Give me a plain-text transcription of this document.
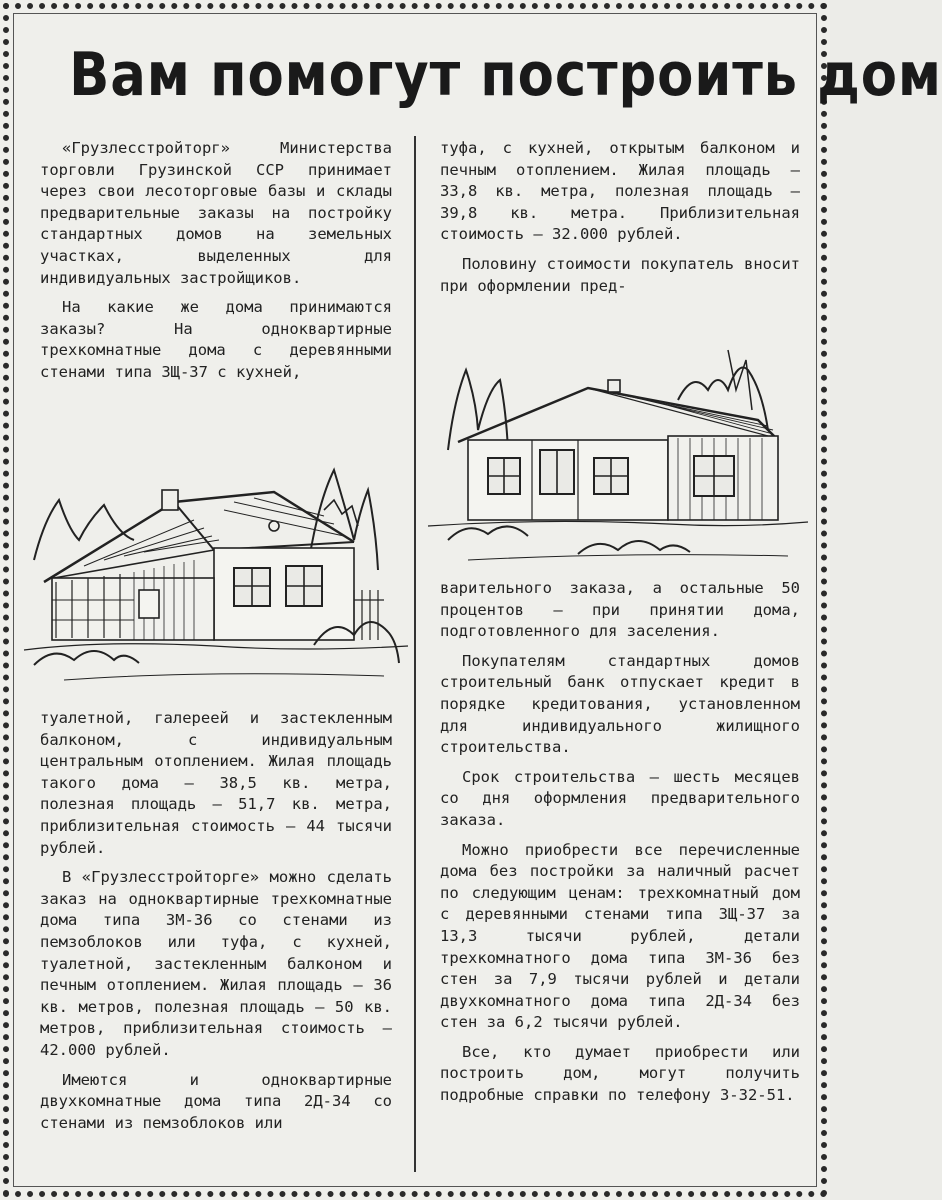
Вам помогут построить дом

«Грузлесстройторг» Министерства торговли Грузинской ССР принимает через свои лесоторговые базы и склады предварительные заказы на постройку стандартных домов на земельных участках, выделенных для индивидуальных застройщиков.

На какие же дома принимаются заказы? На одноквартирные трехкомнатные дома с деревянными стенами типа ЗЩ-37 с кухней,

туалетной, галереей и застекленным балконом, с индивидуальным центральным отоплением. Жилая площадь такого дома — 38,5 кв. метра, полезная площадь — 51,7 кв. метра, приблизительная стоимость — 44 тысячи рублей.

В «Грузлесстройторге» можно сделать заказ на одноквартирные трехкомнатные дома типа ЗМ-36 со стенами из пемзоблоков или туфа, с кухней, туалетной, застекленным балконом и печным отоплением. Жилая площадь — 36 кв. метров, полезная площадь — 50 кв. метров, приблизительная стоимость — 42.000 рублей.

Имеются и одноквартирные двухкомнатные дома типа 2Д-34 со стенами из пемзоблоков или

туфа, с кухней, открытым балконом и печным отоплением. Жилая площадь — 33,8 кв. метра, полезная площадь — 39,8 кв. метра. Приблизительная стоимость — 32.000 рублей.

Половину стоимости покупатель вносит при оформлении пред-

варительного заказа, а остальные 50 процентов — при принятии дома, подготовленного для заселения.

Покупателям стандартных домов строительный банк отпускает кредит в порядке кредитования, установленном для индивидуального жилищного строительства.

Срок строительства — шесть месяцев со дня оформления предварительного заказа.

Можно приобрести все перечисленные дома без постройки за наличный расчет по следующим ценам: трехкомнатный дом с деревянными стенами типа ЗЩ-37 за 13,3 тысячи рублей, детали трехкомнатного дома типа ЗМ-36 без стен за 7,9 тысячи рублей и детали двухкомнатного дома типа 2Д-34 без стен за 6,2 тысячи рублей.

Все, кто думает приобрести или построить дом, могут получить подробные справки по телефону 3-32-51.
